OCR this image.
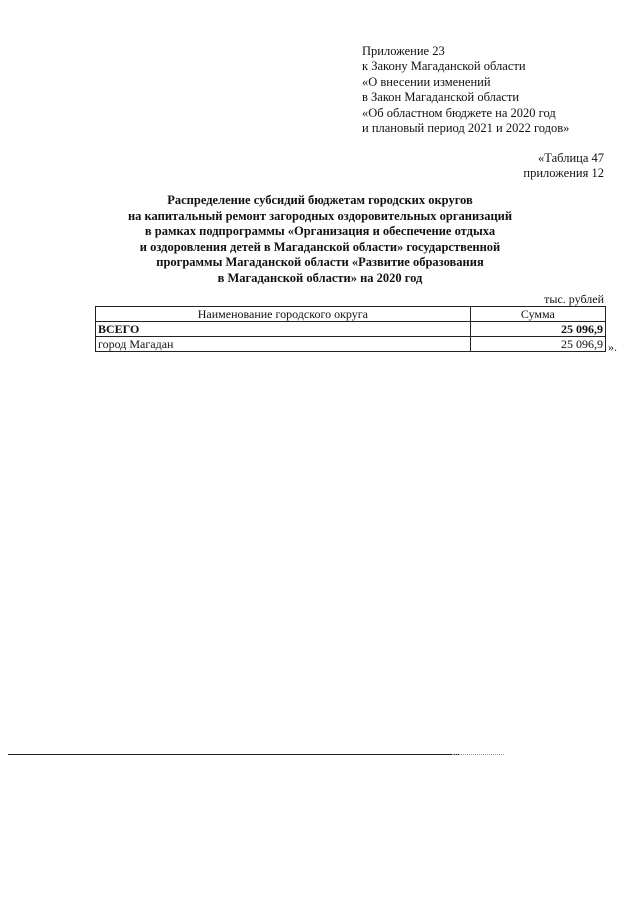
Приложение 23
к Закону Магаданской области
«О внесении изменений
в Закон Магаданской области
«Об областном бюджете на 2020 год
и плановый период 2021 и 2022 годов»
«Таблица 47
приложения 12
Распределение субсидий бюджетам городских округов
на капитальный ремонт загородных оздоровительных организаций
в рамках подпрограммы «Организация и обеспечение отдыха
и оздоровления детей в Магаданской области» государственной
программы Магаданской области «Развитие образования
в Магаданской области» на 2020 год
тыс. рублей
Наименование городского округа	Сумма
ВСЕГО	25 096,9
город Магадан	25 096,9 ».
